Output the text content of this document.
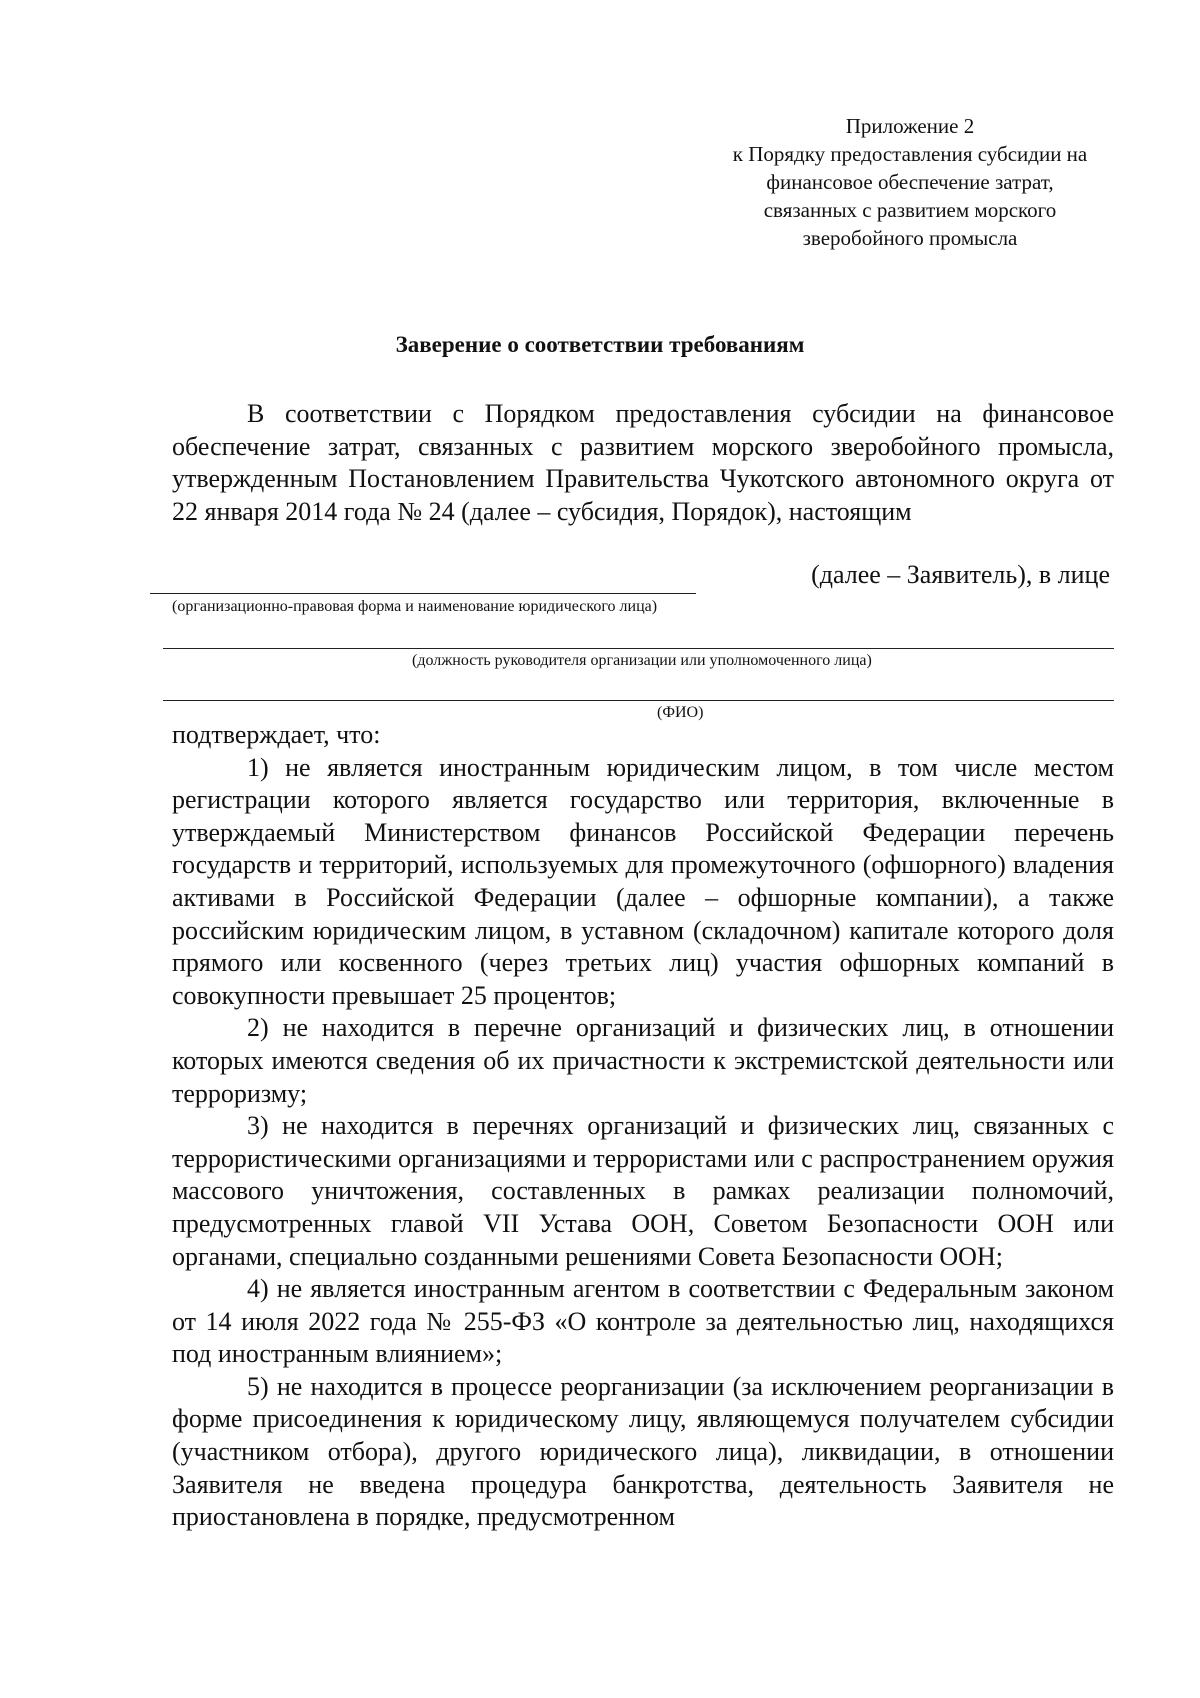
Приложение 2
к Порядку предоставления субсидии на
финансовое обеспечение затрат,
связанных с развитием морского
зверобойного промысла
Заверение о соответствии требованиям

В соответствии с Порядком предоставления субсидии на финансовое обеспечение затрат, связанных с развитием морского зверобойного промысла, утвержденным Постановлением Правительства Чукотского автономного округа от 22 января 2014 года № 24 (далее – субсидия, Порядок), настоящим

(далее – Заявитель), в лице
(организационно-правовая форма и наименование юридического лица)
(должность руководителя организации или уполномоченного лица)
(ФИО)

подтверждает, что:

1) не является иностранным юридическим лицом, в том числе местом регистрации которого является государство или территория, включенные в утверждаемый Министерством финансов Российской Федерации перечень государств и территорий, используемых для промежуточного (офшорного) владения активами в Российской Федерации (далее – офшорные компании), а также российским юридическим лицом, в уставном (складочном) капитале которого доля прямого или косвенного (через третьих лиц) участия офшорных компаний в совокупности превышает 25 процентов;

2) не находится в перечне организаций и физических лиц, в отношении которых имеются сведения об их причастности к экстремистской деятельности или терроризму;

3) не находится в перечнях организаций и физических лиц, связанных с террористическими организациями и террористами или с распространением оружия массового уничтожения, составленных в рамках реализации полномочий, предусмотренных главой VII Устава ООН, Советом Безопасности ООН или органами, специально созданными решениями Совета Безопасности ООН;

4) не является иностранным агентом в соответствии с Федеральным законом от 14 июля 2022 года № 255-ФЗ «О контроле за деятельностью лиц, находящихся под иностранным влиянием»;

5) не находится в процессе реорганизации (за исключением реорганизации в форме присоединения к юридическому лицу, являющемуся получателем субсидии (участником отбора), другого юридического лица), ликвидации, в отношении Заявителя не введена процедура банкротства, деятельность Заявителя не приостановлена в порядке, предусмотренном
